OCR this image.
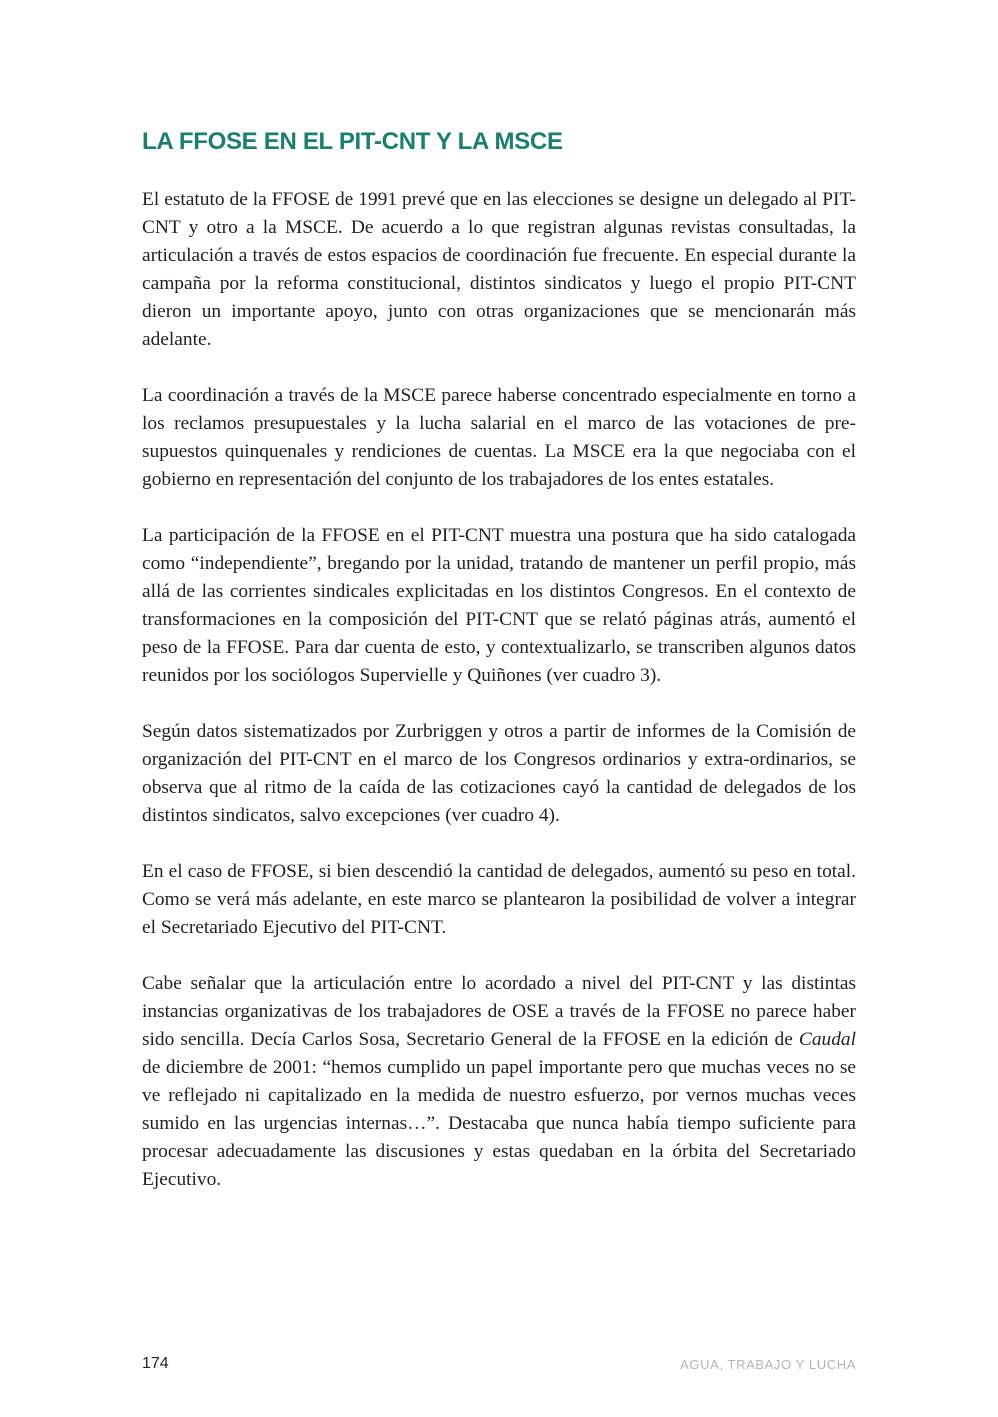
LA FFOSE EN EL PIT-CNT Y LA MSCE

El estatuto de la FFOSE de 1991 prevé que en las elecciones se designe un delegado al PIT-CNT y otro a la MSCE. De acuerdo a lo que registran algunas revistas consultadas, la articulación a través de estos espacios de coordinación fue frecuente. En especial durante la campaña por la reforma constitucional, distintos sindicatos y luego el propio PIT-CNT dieron un importante apoyo, junto con otras organizaciones que se mencionarán más adelante.

La coordinación a través de la MSCE parece haberse concentrado especialmente en torno a los reclamos presupuestales y la lucha salarial en el marco de las votaciones de presupuestos quinquenales y rendiciones de cuentas. La MSCE era la que negociaba con el gobierno en representación del conjunto de los trabajadores de los entes estatales.

La participación de la FFOSE en el PIT-CNT muestra una postura que ha sido catalogada como “independiente”, bregando por la unidad, tratando de mantener un perfil propio, más allá de las corrientes sindicales explicitadas en los distintos Congresos. En el contexto de transformaciones en la composición del PIT-CNT que se relató páginas atrás, aumentó el peso de la FFOSE. Para dar cuenta de esto, y contextualizarlo, se transcriben algunos datos reunidos por los sociólogos Supervielle y Quiñones (ver cuadro 3).

Según datos sistematizados por Zurbriggen y otros a partir de informes de la Comisión de organización del PIT-CNT en el marco de los Congresos ordinarios y extra-ordinarios, se observa que al ritmo de la caída de las cotizaciones cayó la cantidad de delegados de los distintos sindicatos, salvo excepciones (ver cuadro 4).

En el caso de FFOSE, si bien descendió la cantidad de delegados, aumentó su peso en total. Como se verá más adelante, en este marco se plantearon la posibilidad de volver a integrar el Secretariado Ejecutivo del PIT-CNT.

Cabe señalar que la articulación entre lo acordado a nivel del PIT-CNT y las distintas instancias organizativas de los trabajadores de OSE a través de la FFOSE no parece haber sido sencilla. Decía Carlos Sosa, Secretario General de la FFOSE en la edición de Caudal de diciembre de 2001: “hemos cumplido un papel importante pero que muchas veces no se ve reflejado ni capitalizado en la medida de nuestro esfuerzo, por vernos muchas veces sumido en las urgencias internas…”. Destacaba que nunca había tiempo suficiente para procesar adecuadamente las discusiones y estas quedaban en la órbita del Secretariado Ejecutivo.

174	AGUA, TRABAJO Y LUCHA
